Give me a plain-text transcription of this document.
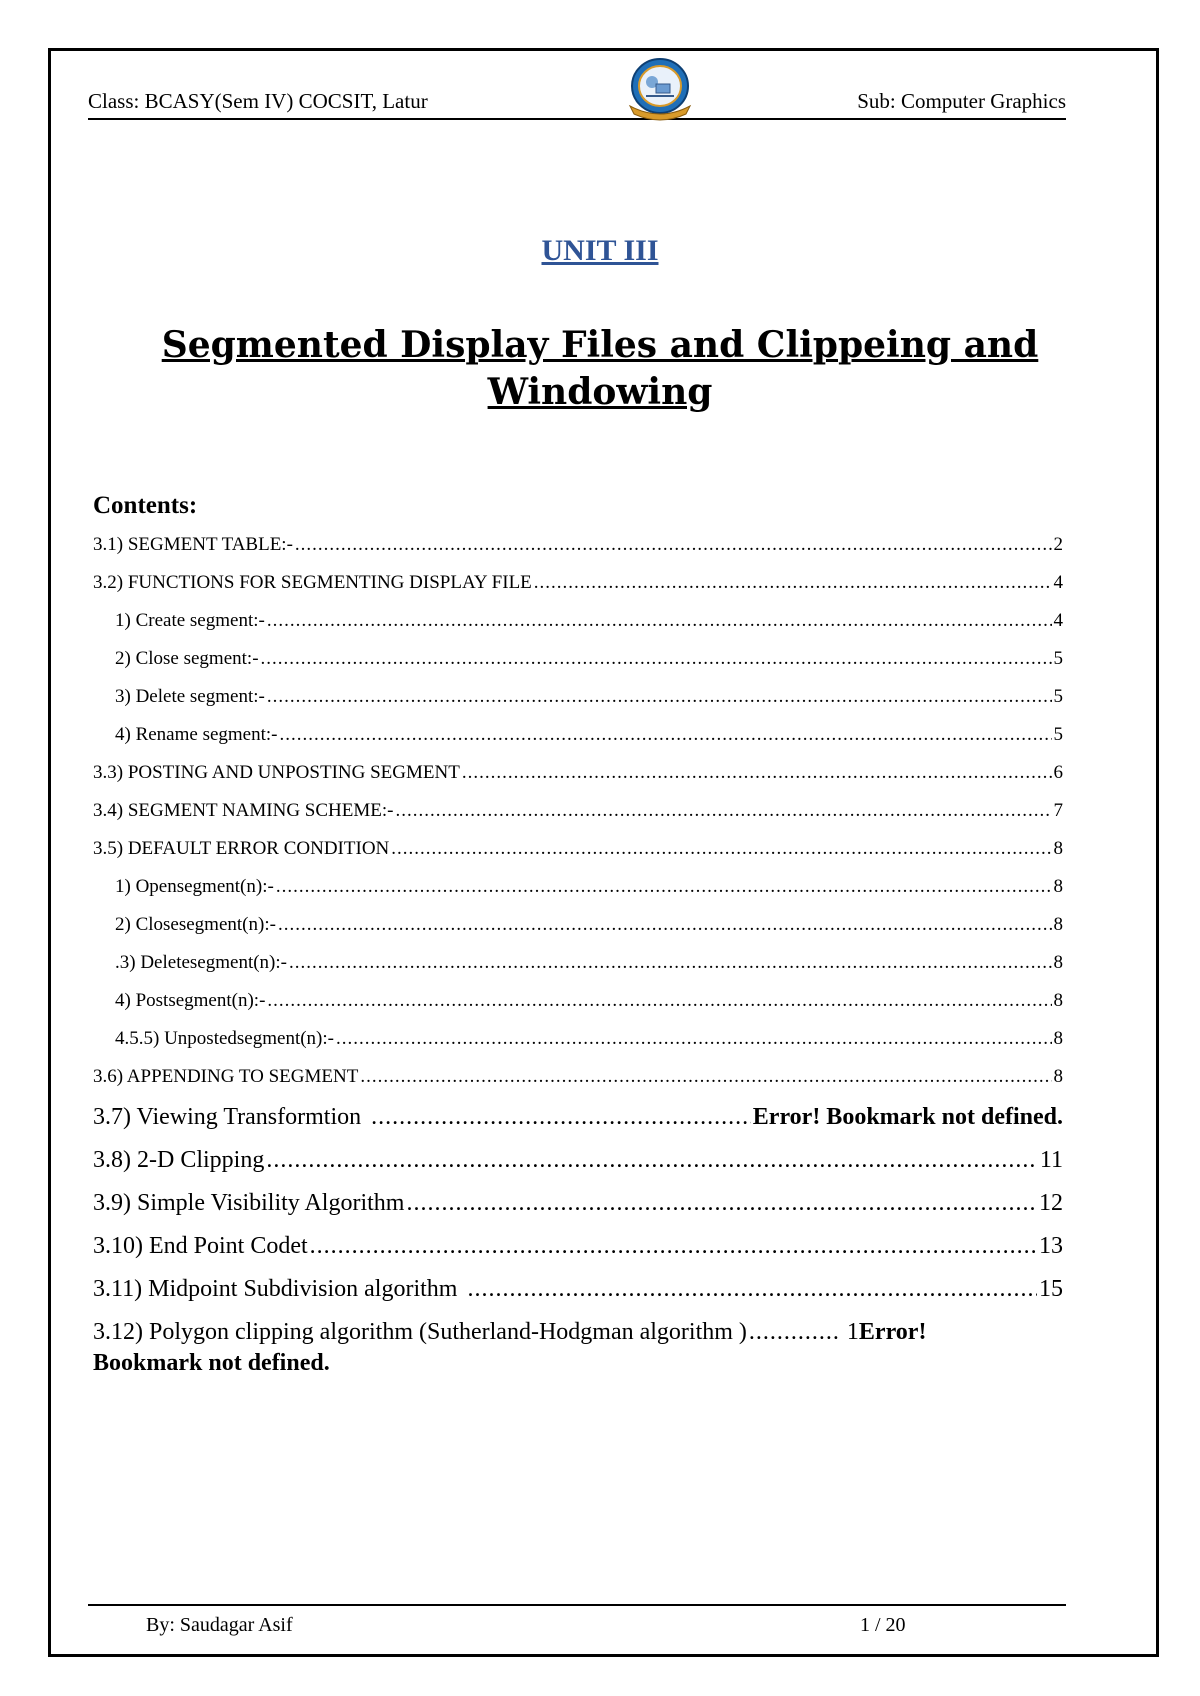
Class: BCASY(Sem IV) COCSIT, Latur	Sub: Computer Graphics
UNIT III
Segmented Display Files and Clippeing and Windowing
Contents:
3.1) SEGMENT TABLE:- .....	2
3.2) FUNCTIONS FOR SEGMENTING DISPLAY FILE .....	4
1) Create segment:- .....	4
2) Close segment:- .....	5
3) Delete segment:- .....	5
4) Rename segment:- .....	5
3.3) POSTING AND UNPOSTING SEGMENT .....	6
3.4) SEGMENT NAMING SCHEME:- .....	7
3.5) DEFAULT ERROR CONDITION .....	8
1) Opensegment(n):- .....	8
2) Closesegment(n):- .....	8
.3) Deletesegment(n):- .....	8
4) Postsegment(n):- .....	8
4.5.5) Unpostedsegment(n):- .....	8
3.6) APPENDING TO SEGMENT .....	8
3.7) Viewing Transformtion .....	Error! Bookmark not defined.
3.8) 2-D Clipping .....	11
3.9) Simple Visibility Algorithm .....	12
3.10) End Point Codet .....	13
3.11) Midpoint Subdivision algorithm .....	15
3.12) Polygon clipping algorithm (Sutherland-Hodgman algorithm ) .....	1 Error!
Bookmark not defined.
By: Saudagar Asif	1 / 20
